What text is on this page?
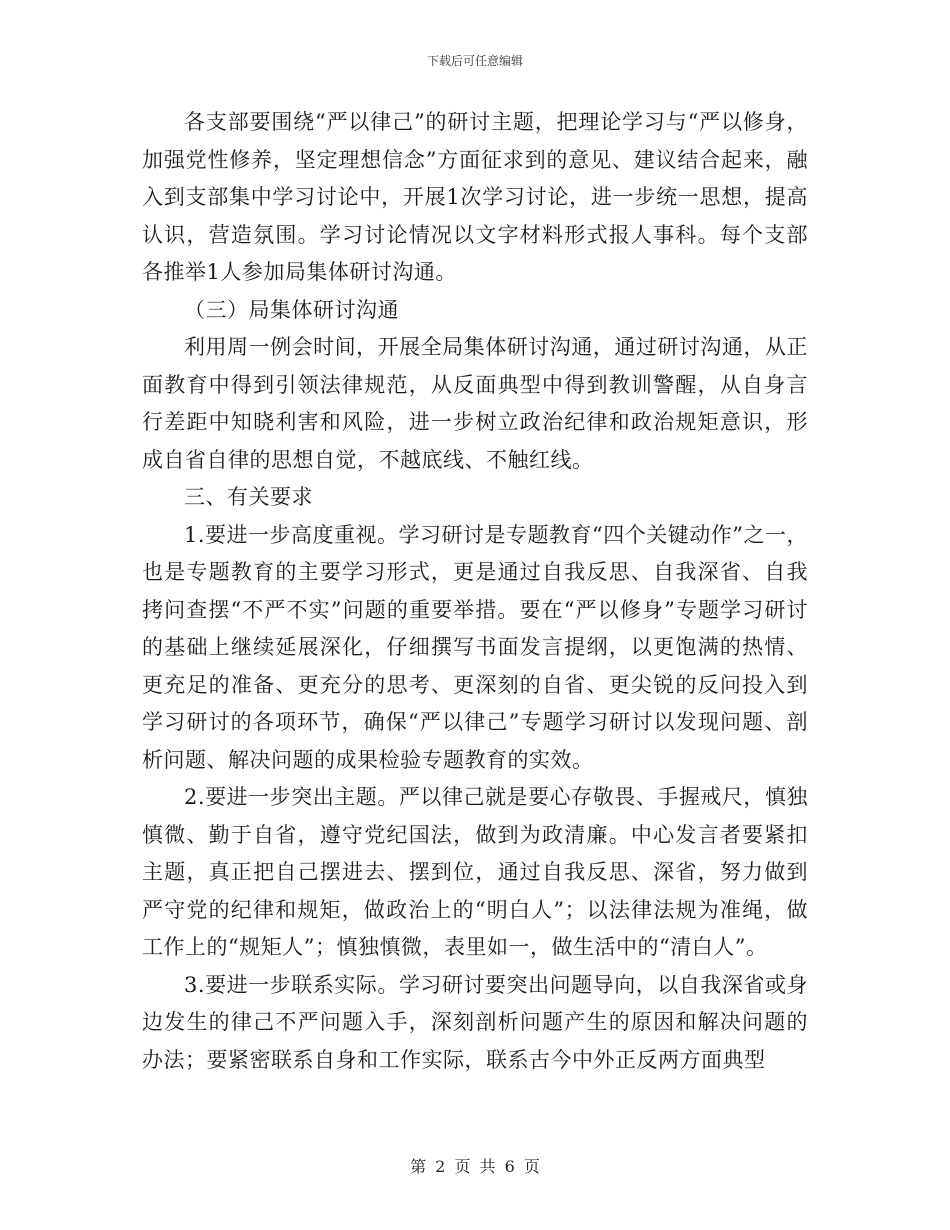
下载后可任意编辑

各支部要围绕“严以律己”的研讨主题，把理论学习与“严以修身，加强党性修养，坚定理想信念”方面征求到的意见、建议结合起来，融入到支部集中学习讨论中，开展1次学习讨论，进一步统一思想，提高认识，营造氛围。学习讨论情况以文字材料形式报人事科。每个支部各推举1人参加局集体研讨沟通。

（三）局集体研讨沟通

利用周一例会时间，开展全局集体研讨沟通，通过研讨沟通，从正面教育中得到引领法律规范，从反面典型中得到教训警醒，从自身言行差距中知晓利害和风险，进一步树立政治纪律和政治规矩意识，形成自省自律的思想自觉，不越底线、不触红线。

三、有关要求

1.要进一步高度重视。学习研讨是专题教育“四个关键动作”之一，也是专题教育的主要学习形式，更是通过自我反思、自我深省、自我拷问查摆“不严不实”问题的重要举措。要在“严以修身”专题学习研讨的基础上继续延展深化，仔细撰写书面发言提纲，以更饱满的热情、更充足的准备、更充分的思考、更深刻的自省、更尖锐的反问投入到学习研讨的各项环节，确保“严以律己”专题学习研讨以发现问题、剖析问题、解决问题的成果检验专题教育的实效。

2.要进一步突出主题。严以律己就是要心存敬畏、手握戒尺，慎独慎微、勤于自省，遵守党纪国法，做到为政清廉。中心发言者要紧扣主题，真正把自己摆进去、摆到位，通过自我反思、深省，努力做到严守党的纪律和规矩，做政治上的“明白人”；以法律法规为准绳，做工作上的“规矩人”；慎独慎微，表里如一，做生活中的“清白人”。

3.要进一步联系实际。学习研讨要突出问题导向，以自我深省或身边发生的律己不严问题入手，深刻剖析问题产生的原因和解决问题的办法；要紧密联系自身和工作实际，联系古今中外正反两方面典型

第 2 页 共 6 页
